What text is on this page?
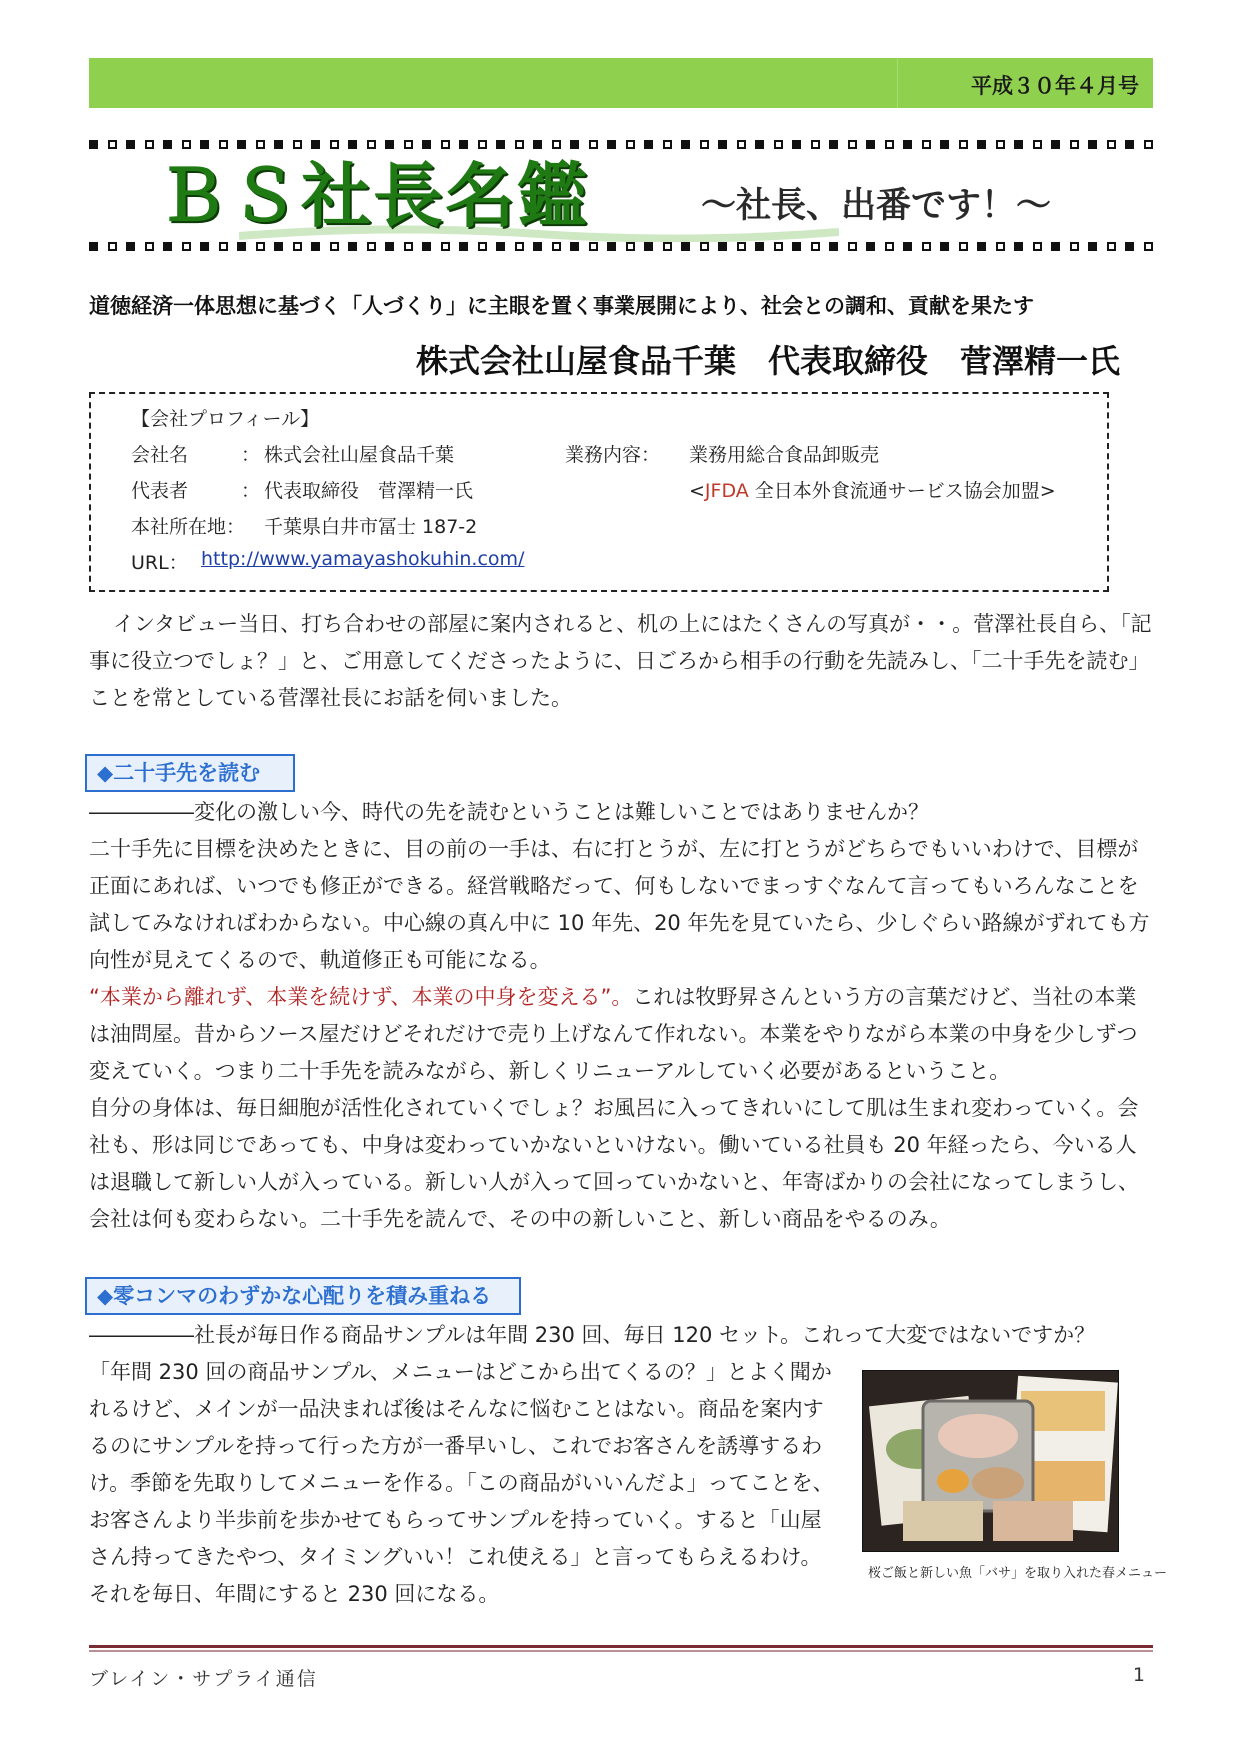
平成３０年４月号
ＢＳ社長名鑑	～社長、出番です！～
道徳経済一体思想に基づく「人づくり」に主眼を置く事業展開により、社会との調和、貢献を果たす
株式会社山屋食品千葉　代表取締役　菅澤精一氏
【会社プロフィール】
会社名	： 株式会社山屋食品千葉	業務内容： 業務用総合食品卸販売
代表者	： 代表取締役　菅澤精一氏	<JFDA 全日本外食流通サービス協会加盟>
本社所在地： 千葉県白井市冨士 187-2
URL： http://www.yamayashokuhin.com/
インタビュー当日、打ち合わせの部屋に案内されると、机の上にはたくさんの写真が・・。菅澤社長自ら、「記事に役立つでしょ？」と、ご用意してくださったように、日ごろから相手の行動を先読みし、「二十手先を読む」ことを常としている菅澤社長にお話を伺いました。
◆二十手先を読む

―――――変化の激しい今、時代の先を読むということは難しいことではありませんか？

二十手先に目標を決めたときに、目の前の一手は、右に打とうが、左に打とうがどちらでもいいわけで、目標が正面にあれば、いつでも修正ができる。経営戦略だって、何もしないでまっすぐなんて言ってもいろんなことを試してみなければわからない。中心線の真ん中に 10 年先、20 年先を見ていたら、少しぐらい路線がずれても方向性が見えてくるので、軌道修正も可能になる。

“本業から離れず、本業を続けず、本業の中身を変える”。これは牧野昇さんという方の言葉だけど、当社の本業は油問屋。昔からソース屋だけどそれだけで売り上げなんて作れない。本業をやりながら本業の中身を少しずつ変えていく。つまり二十手先を読みながら、新しくリニューアルしていく必要があるということ。

自分の身体は、毎日細胞が活性化されていくでしょ？お風呂に入ってきれいにして肌は生まれ変わっていく。会社も、形は同じであっても、中身は変わっていかないといけない。働いている社員も 20 年経ったら、今いる人は退職して新しい人が入っている。新しい人が入って回っていかないと、年寄ばかりの会社になってしまうし、会社は何も変わらない。二十手先を読んで、その中の新しいこと、新しい商品をやるのみ。

◆零コンマのわずかな心配りを積み重ねる
―――――社長が毎日作る商品サンプルは年間 230 回、毎日 120 セット。これって大変ではないですか？

「年間 230 回の商品サンプル、メニューはどこから出てくるの？」とよく聞かれるけど、メインが一品決まれば後はそんなに悩むことはない。商品を案内するのにサンプルを持って行った方が一番早いし、これでお客さんを誘導するわけ。季節を先取りしてメニューを作る。「この商品がいいんだよ」ってことを、お客さんより半歩前を歩かせてもらってサンプルを持っていく。すると「山屋さん持ってきたやつ、タイミングいい！これ使える」と言ってもらえるわけ。それを毎日、年間にすると 230 回になる。

桜ご飯と新しい魚「バサ」を取り入れた春メニュー
ブレイン・サプライ通信	1
